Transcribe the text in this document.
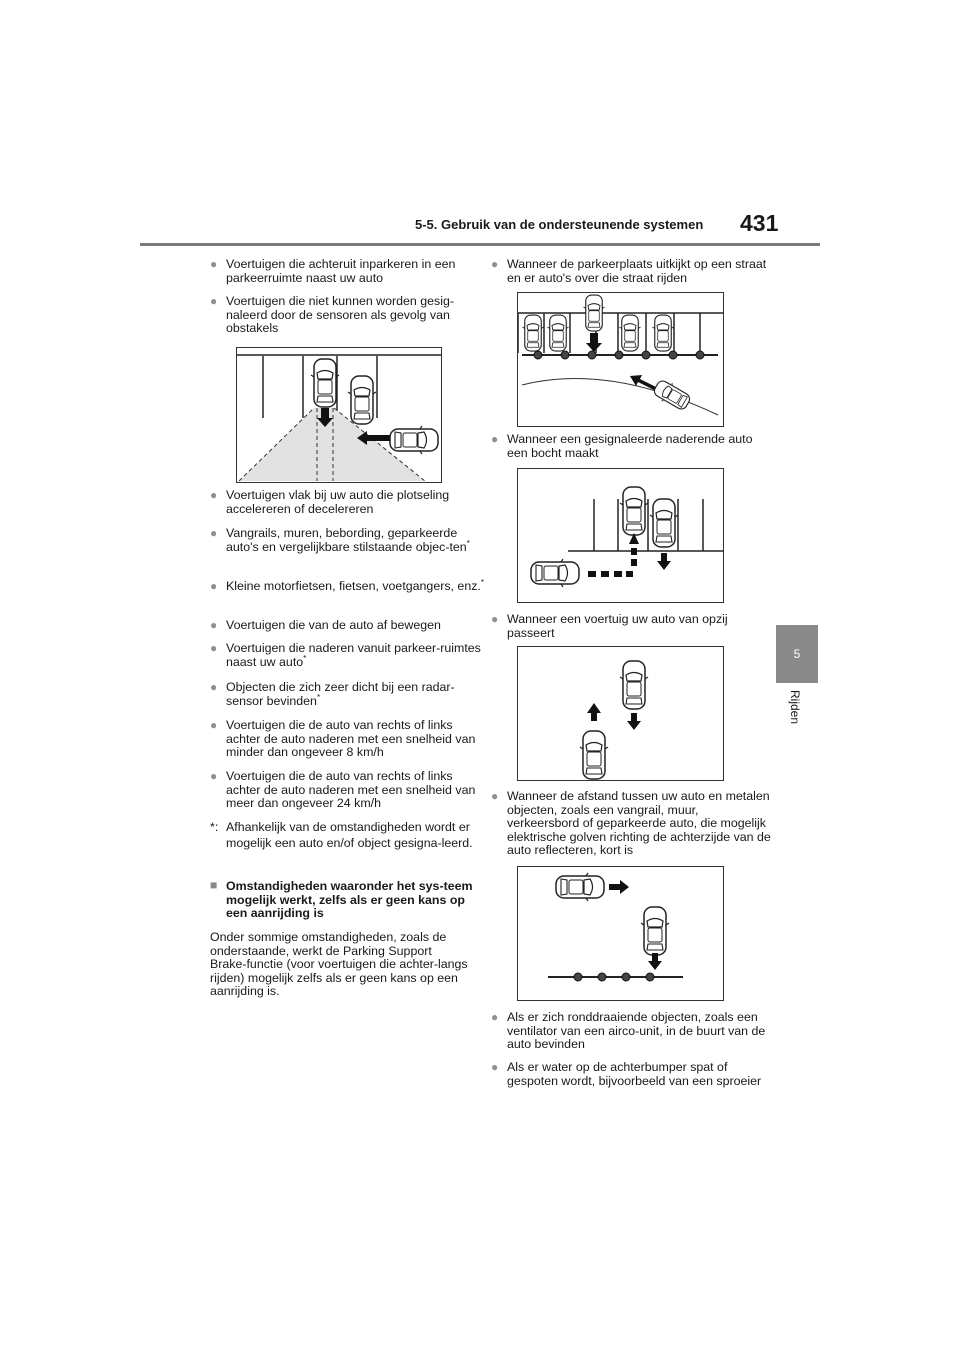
5-5. Gebruik van de ondersteunende systemen 431
5
Rijden
● Voertuigen die achteruit inparkeren in een parkeerruimte naast uw auto
● Voertuigen die niet kunnen worden gesig-naleerd door de sensoren als gevolg van obstakels
● Voertuigen vlak bij uw auto die plotseling accelereren of decelereren
● Vangrails, muren, bebording, geparkeerde auto's en vergelijkbare stilstaande objec-ten*
● Kleine motorfietsen, fietsen, voetgangers, enz.*
● Voertuigen die van de auto af bewegen
● Voertuigen die naderen vanuit parkeer-ruimtes naast uw auto*
● Objecten die zich zeer dicht bij een radar-sensor bevinden*
● Voertuigen die de auto van rechts of links achter de auto naderen met een snelheid van minder dan ongeveer 8 km/h
● Voertuigen die de auto van rechts of links achter de auto naderen met een snelheid van meer dan ongeveer 24 km/h
*: Afhankelijk van de omstandigheden wordt er mogelijk een auto en/of object gesigna-leerd.
■ Omstandigheden waaronder het sys-teem mogelijk werkt, zelfs als er geen kans op een aanrijding is
Onder sommige omstandigheden, zoals de onderstaande, werkt de Parking Support Brake-functie (voor voertuigen die achter-langs rijden) mogelijk zelfs als er geen kans op een aanrijding is.
● Wanneer de parkeerplaats uitkijkt op een straat en er auto's over die straat rijden
● Wanneer een gesignaleerde naderende auto een bocht maakt
● Wanneer een voertuig uw auto van opzij passeert
● Wanneer de afstand tussen uw auto en metalen objecten, zoals een vangrail, muur, verkeersbord of geparkeerde auto, die mogelijk elektrische golven richting de achterzijde van de auto reflecteren, kort is
● Als er zich ronddraaiende objecten, zoals een ventilator van een airco-unit, in de buurt van de auto bevinden
● Als er water op de achterbumper spat of gespoten wordt, bijvoorbeeld van een sproeier
